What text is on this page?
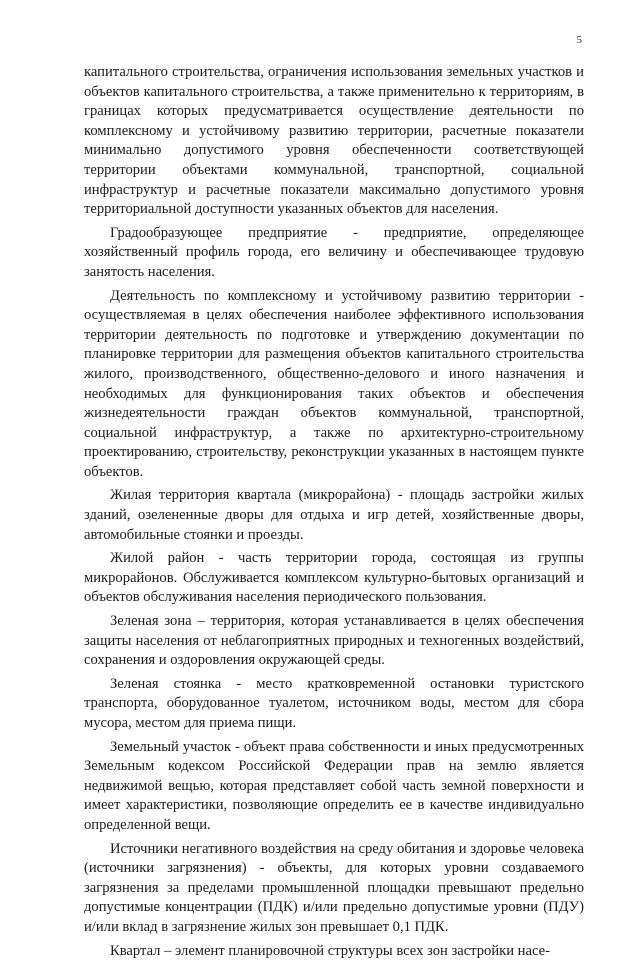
5

капитального строительства, ограничения использования земельных участков и объектов капитального строительства, а также применительно к территориям, в границах которых предусматривается осуществление деятельности по комплексному и устойчивому развитию территории, расчетные показатели минимально допустимого уровня обеспеченности соответствующей территории объектами коммунальной, транспортной, социальной инфраструктур и расчетные показатели максимально допустимого уровня территориальной доступности указанных объектов для населения.

Градообразующее предприятие - предприятие, определяющее хозяйственный профиль города, его величину и обеспечивающее трудовую занятость населения.

Деятельность по комплексному и устойчивому развитию территории - осуществляемая в целях обеспечения наиболее эффективного использования территории деятельность по подготовке и утверждению документации по планировке территории для размещения объектов капитального строительства жилого, производственного, общественно-делового и иного назначения и необходимых для функционирования таких объектов и обеспечения жизнедеятельности граждан объектов коммунальной, транспортной, социальной инфраструктур, а также по архитектурно-строительному проектированию, строительству, реконструкции указанных в настоящем пункте объектов.

Жилая территория квартала (микрорайона) - площадь застройки жилых зданий, озелененные дворы для отдыха и игр детей, хозяйственные дворы, автомобильные стоянки и проезды.

Жилой район - часть территории города, состоящая из группы микрорайонов. Обслуживается комплексом культурно-бытовых организаций и объектов обслуживания населения периодического пользования.

Зеленая зона – территория, которая устанавливается в целях обеспечения защиты населения от неблагоприятных природных и техногенных воздействий, сохранения и оздоровления окружающей среды.

Зеленая стоянка - место кратковременной остановки туристского транспорта, оборудованное туалетом, источником воды, местом для сбора мусора, местом для приема пищи.

Земельный участок - объект права собственности и иных предусмотренных Земельным кодексом Российской Федерации прав на землю является недвижимой вещью, которая представляет собой часть земной поверхности и имеет характеристики, позволяющие определить ее в качестве индивидуально определенной вещи.

Источники негативного воздействия на среду обитания и здоровье человека (источники загрязнения) - объекты, для которых уровни создаваемого загрязнения за пределами промышленной площадки превышают предельно допустимые концентрации (ПДК) и/или предельно допустимые уровни (ПДУ) и/или вклад в загрязнение жилых зон превышает 0,1 ПДК.

Квартал – элемент планировочной структуры всех зон застройки насе-
